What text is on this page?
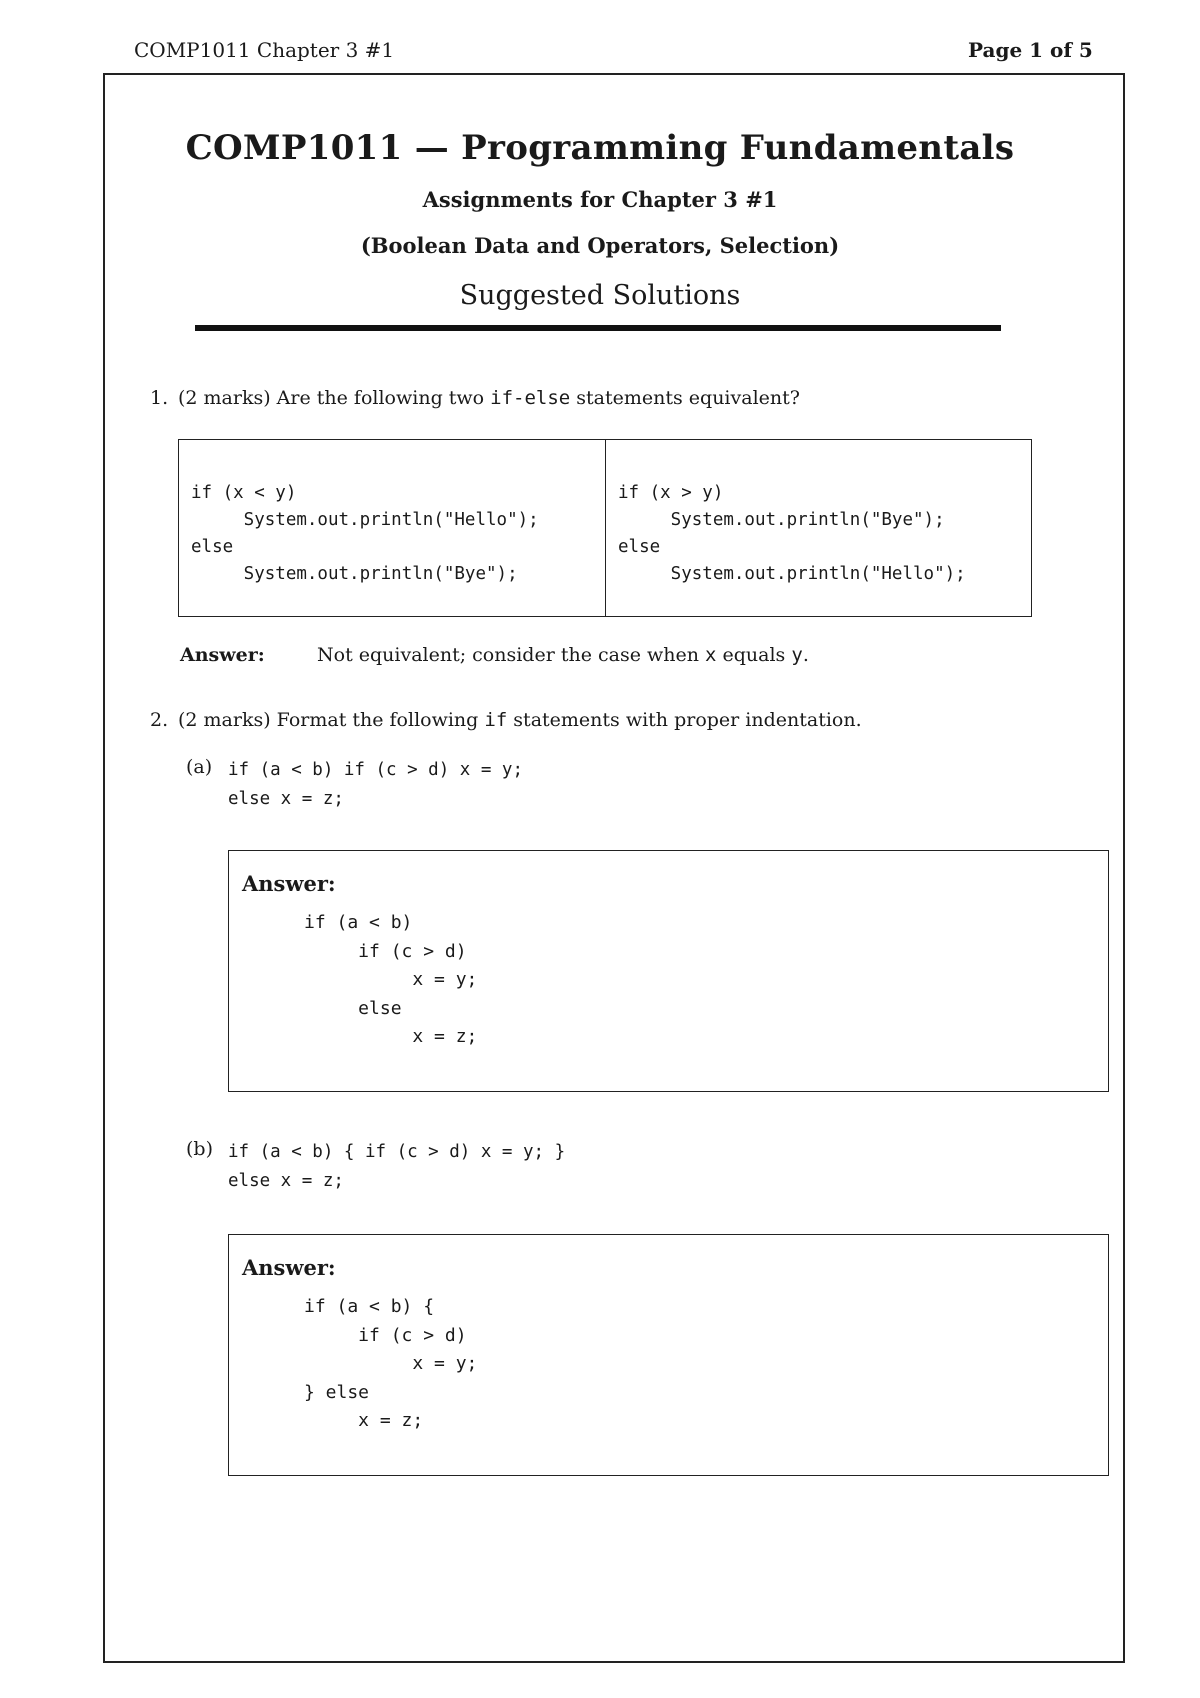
COMP1011 Chapter 3 #1	Page 1 of 5
COMP1011 — Programming Fundamentals
Assignments for Chapter 3 #1
(Boolean Data and Operators, Selection)
Suggested Solutions
1. (2 marks) Are the following two if-else statements equivalent?
if (x < y)
System.out.println("Hello");
else
System.out.println("Bye");
if (x > y)
System.out.println("Bye");
else
System.out.println("Hello");
Answer:	Not equivalent; consider the case when x equals y.
2. (2 marks) Format the following if statements with proper indentation.
(a) if (a < b) if (c > d) x = y;
else x = z;
Answer:
if (a < b)
if (c > d)
x = y;
else
x = z;
(b) if (a < b) { if (c > d) x = y; }
else x = z;
Answer:
if (a < b) {
if (c > d)
x = y;
} else
x = z;
